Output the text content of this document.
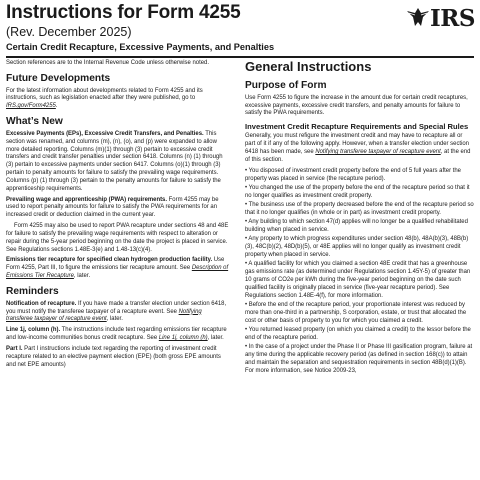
Instructions for Form 4255
(Rev. December 2025)
Certain Credit Recapture, Excessive Payments, and Penalties
IRS

Section references are to the Internal Revenue Code unless otherwise noted.

Future Developments

For the latest information about developments related to Form 4255 and its instructions, such as legislation enacted after they were published, go to IRS.gov/Form4255.

What’s New

Excessive Payments (EPs), Excessive Credit Transfers, and Penalties. This section was renamed, and columns (m), (n), (o), and (p) were expanded to allow more detailed reporting. Columns (m)(1) through (3) pertain to excessive credit transfers and credit transfer penalties under section 6418. Columns (n) (1) through (3) pertain to excessive payments under section 6417. Columns (o)(1) through (3) pertain to penalty amounts for failure to satisfy the prevailing wage requirements. Columns (p) (1) through (3) pertain to the penalty amounts for failure to satisfy the apprenticeship requirements.

Prevailing wage and apprenticeship (PWA) requirements. Form 4255 may be used to report penalty amounts for failure to satisfy the PWA requirements for an increased credit or deduction claimed in the current year.

Form 4255 may also be used to report PWA recapture under sections 48 and 48E for failure to satisfy the prevailing wage requirements with respect to alteration or repair during the 5-year period beginning on the date the project is placed in service. See Regulations sections 1.48E-3(e) and 1.48-13(c)(4).

Emissions tier recapture for specified clean hydrogen production facility. Use Form 4255, Part III, to figure the emissions tier recapture amount. See Description of Emissions Tier Recapture, later.

Reminders

Notification of recapture. If you have made a transfer election under section 6418, you must notify the transferee taxpayer of a recapture event. See Notifying transferee taxpayer of recapture event, later.

Line 1j, column (h). The instructions include text regarding emissions tier recapture and low-income communities bonus credit recapture. See Line 1j, column (h), later.

Part I. Part I instructions include text regarding the reporting of investment credit recapture related to an elective payment election (EPE) (both gross EPE amounts and net EPE amounts)

General Instructions
Purpose of Form

Use Form 4255 to figure the increase in the amount due for certain credit recaptures, excessive payments, excessive credit transfers, and penalty amounts for failure to satisfy the PWA requirements.

Investment Credit Recapture Requirements and Special Rules

Generally, you must refigure the investment credit and may have to recapture all or part of it if any of the following apply. However, when a transfer election under section 6418 has been made, see Notifying transferee taxpayer of recapture event, at the end of this section.

• You disposed of investment credit property before the end of 5 full years after the property was placed in service (the recapture period).

• You changed the use of the property before the end of the recapture period so that it no longer qualifies as investment credit property.

• The business use of the property decreased before the end of the recapture period so that it no longer qualifies (in whole or in part) as investment credit property.

• Any building to which section 47(d) applies will no longer be a qualified rehabilitated building when placed in service.

• Any property to which progress expenditures under section 48(b), 48A(b)(3), 48B(b)(3), 48C(b)(2), 48D(b)(5), or 48E applies will no longer qualify as investment credit property when placed in service.

• A qualified facility for which you claimed a section 48E credit that has a greenhouse gas emissions rate (as determined under Regulations section 1.45Y-5) of greater than 10 grams of CO2e per kWh during the five-year period beginning on the date such qualified facility is originally placed in service (five-year recapture period). See Regulations section 1.48E-4(f), for more information.

• Before the end of the recapture period, your proportionate interest was reduced by more than one-third in a partnership, S corporation, estate, or trust that allocated the cost or other basis of property to you for which you claimed a credit.

• You returned leased property (on which you claimed a credit) to the lessor before the end of the recapture period.

• In the case of a project under the Phase II or Phase III gasification program, failure at any time during the applicable recovery period (as defined in section 168(c)) to attain and maintain the separation and sequestration requirements in section 48B(d)(1)(B). For more information, see Notice 2009-23,
